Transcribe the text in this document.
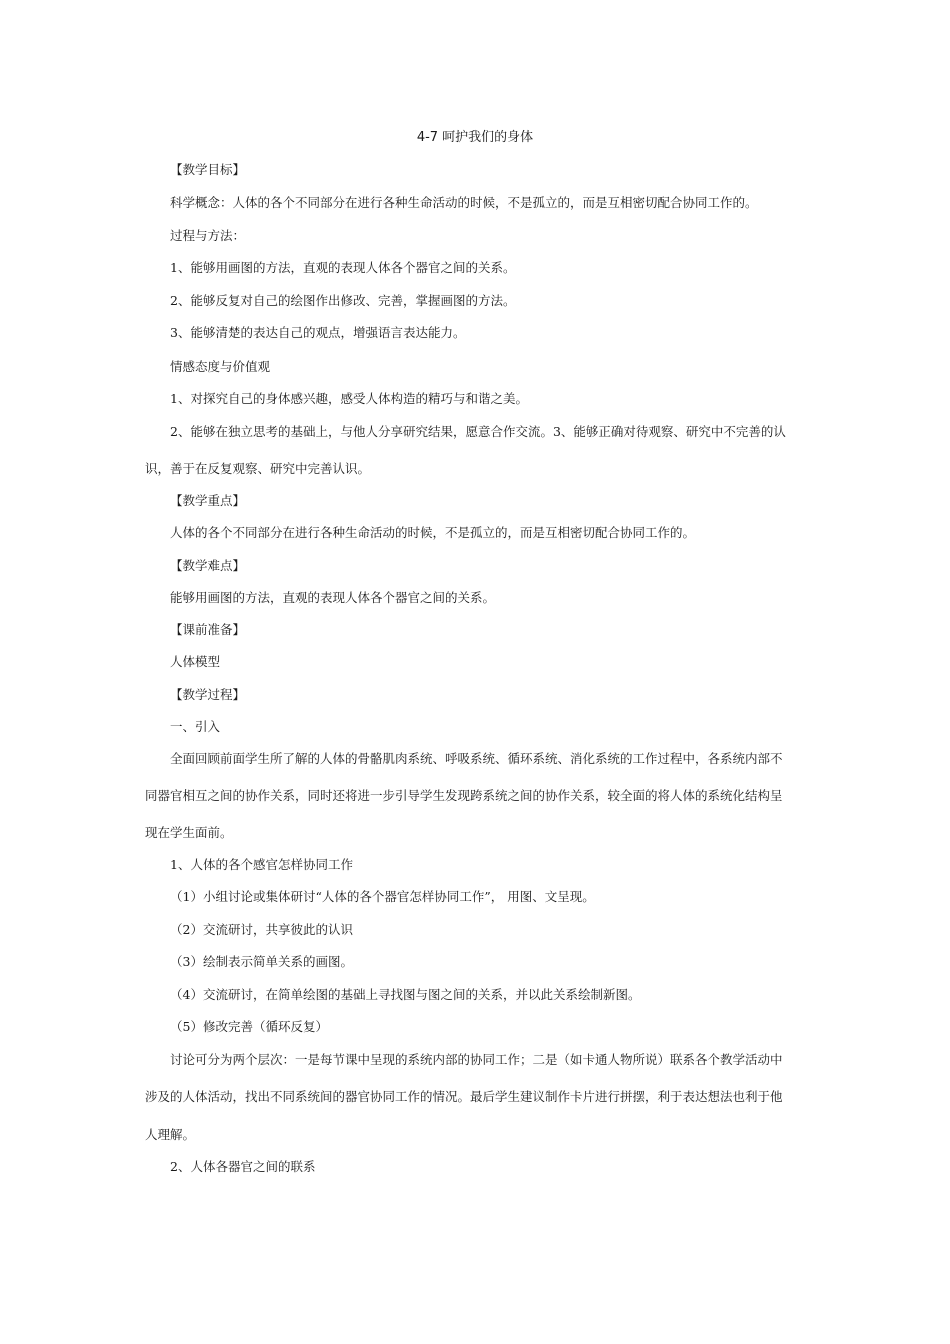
4-7 呵护我们的身体
【教学目标】
科学概念：人体的各个不同部分在进行各种生命活动的时候，不是孤立的，而是互相密切配合协同工作的。
过程与方法：
1、能够用画图的方法，直观的表现人体各个器官之间的关系。
2、能够反复对自己的绘图作出修改、完善，掌握画图的方法。
3、能够清楚的表达自己的观点，增强语言表达能力。
情感态度与价值观
1、对探究自己的身体感兴趣，感受人体构造的精巧与和谐之美。
2、能够在独立思考的基础上，与他人分享研究结果，愿意合作交流。3、能够正确对待观察、研究中不完善的认
识，善于在反复观察、研究中完善认识。
【教学重点】
人体的各个不同部分在进行各种生命活动的时候，不是孤立的，而是互相密切配合协同工作的。
【教学难点】
能够用画图的方法，直观的表现人体各个器官之间的关系。
【课前准备】
人体模型
【教学过程】
一、引入
全面回顾前面学生所了解的人体的骨骼肌肉系统、呼吸系统、循环系统、消化系统的工作过程中，各系统内部不
同器官相互之间的协作关系，同时还将进一步引导学生发现跨系统之间的协作关系，较全面的将人体的系统化结构呈
现在学生面前。
1、人体的各个感官怎样协同工作
（1）小组讨论或集体研讨“人体的各个器官怎样协同工作”， 用图、文呈现。
（2）交流研讨，共享彼此的认识
（3）绘制表示简单关系的画图。
（4）交流研讨，在简单绘图的基础上寻找图与图之间的关系，并以此关系绘制新图。
（5）修改完善（循环反复）
讨论可分为两个层次：一是每节课中呈现的系统内部的协同工作；二是（如卡通人物所说）联系各个教学活动中
涉及的人体活动，找出不同系统间的器官协同工作的情况。最后学生建议制作卡片进行拼摆，利于表达想法也利于他
人理解。
2、人体各器官之间的联系
